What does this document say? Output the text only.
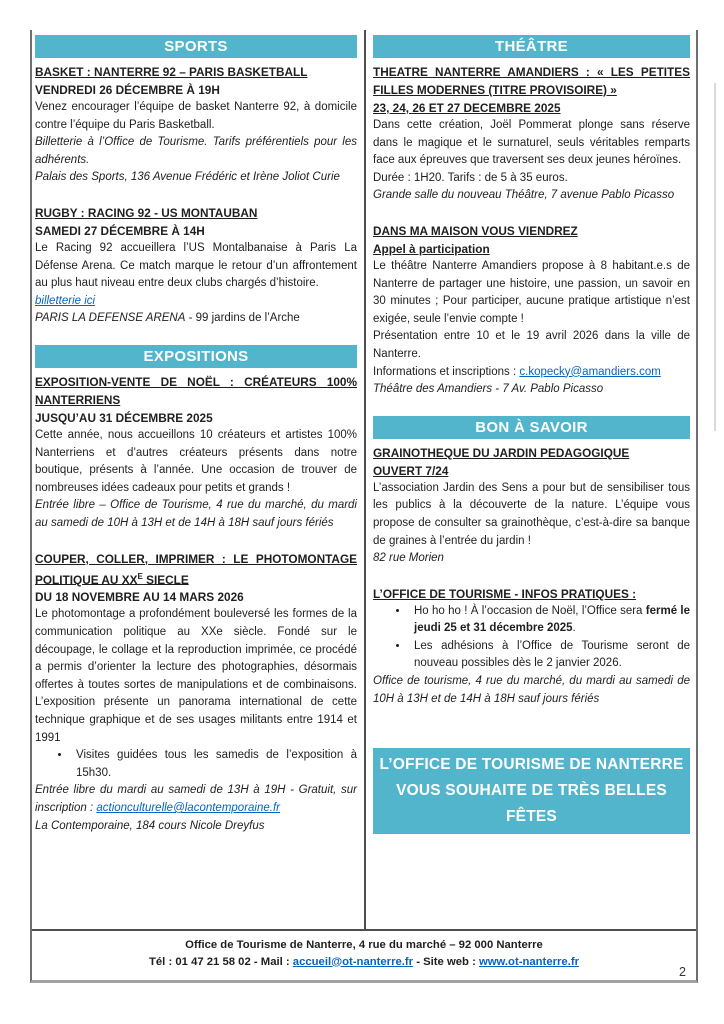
SPORTS
BASKET : NANTERRE 92 – PARIS BASKETBALL
VENDREDI 26 DÉCEMBRE À 19H

Venez encourager l’équipe de basket Nanterre 92, à domicile contre l’équipe du Paris Basketball.

Billetterie à l’Office de Tourisme. Tarifs préférentiels pour les adhérents.

Palais des Sports, 136 Avenue Frédéric et Irène Joliot Curie

RUGBY : RACING 92 - US MONTAUBAN
SAMEDI 27 DÉCEMBRE À 14H

Le Racing 92 accueillera l’US Montalbanaise à Paris La Défense Arena. Ce match marque le retour d’un affrontement au plus haut niveau entre deux clubs chargés d’histoire.

billetterie ici

PARIS LA DEFENSE ARENA - 99 jardins de l’Arche

EXPOSITIONS
EXPOSITION-VENTE DE NOËL : CRÉATEURS 100% NANTERRIENS
JUSQU’AU 31 DÉCEMBRE 2025

Cette année, nous accueillons 10 créateurs et artistes 100% Nanterriens et d’autres créateurs présents dans notre boutique, présents à l’année. Une occasion de trouver de nombreuses idées cadeaux pour petits et grands !

Entrée libre – Office de Tourisme, 4 rue du marché, du mardi au samedi de 10H à 13H et de 14H à 18H sauf jours fériés

COUPER, COLLER, IMPRIMER : LE PHOTOMONTAGE POLITIQUE AU $XX^E$ SIECLE
DU 18 NOVEMBRE AU 14 MARS 2026

Le photomontage a profondément bouleversé les formes de la communication politique au XXe siècle. Fondé sur le découpage, le collage et la reproduction imprimée, ce procédé a permis d’orienter la lecture des photographies, désormais offertes à toutes sortes de manipulations et de combinaisons. L’exposition présente un panorama international de cette technique graphique et de ses usages militants entre 1914 et 1991

• Visites guidées tous les samedis de l’exposition à 15h30.

Entrée libre du mardi au samedi de 13H à 19H - Gratuit, sur inscription : actionculturelle@lacontemporaine.fr

La Contemporaine, 184 cours Nicole Dreyfus

THÉÂTRE
THEATRE NANTERRE AMANDIERS : « LES PETITES FILLES MODERNES (TITRE PROVISOIRE) »
23, 24, 26 ET 27 DECEMBRE 2025

Dans cette création, Joël Pommerat plonge sans réserve dans le magique et le surnaturel, seuls véritables remparts face aux épreuves que traversent ses deux jeunes héroïnes.

Durée : 1H20. Tarifs : de 5 à 35 euros.

Grande salle du nouveau Théâtre, 7 avenue Pablo Picasso

DANS MA MAISON VOUS VIENDREZ
Appel à participation

Le théâtre Nanterre Amandiers propose à 8 habitant.e.s de Nanterre de partager une histoire, une passion, un savoir en 30 minutes ; Pour participer, aucune pratique artistique n’est exigée, seule l’envie compte !

Présentation entre 10 et le 19 avril 2026 dans la ville de Nanterre.

Informations et inscriptions : c.kopecky@amandiers.com

Théâtre des Amandiers - 7 Av. Pablo Picasso

BON À SAVOIR
GRAINOTHEQUE DU JARDIN PEDAGOGIQUE
OUVERT 7/24

L’association Jardin des Sens a pour but de sensibiliser tous les publics à la découverte de la nature. L’équipe vous propose de consulter sa grainothèque, c’est-à-dire sa banque de graines à l’entrée du jardin !

82 rue Morien

L’OFFICE DE TOURISME - INFOS PRATIQUES :
• Ho ho ho ! À l’occasion de Noël, l’Office sera fermé le jeudi 25 et 31 décembre 2025.
• Les adhésions à l’Office de Tourisme seront de nouveau possibles dès le 2 janvier 2026.

Office de tourisme, 4 rue du marché, du mardi au samedi de 10H à 13H et de 14H à 18H sauf jours fériés

L’OFFICE DE TOURISME DE NANTERRE
VOUS SOUHAITE DE TRÈS BELLES FÊTES

Office de Tourisme de Nanterre, 4 rue du marché – 92 000 Nanterre

Tél : 01 47 21 58 02 - Mail : accueil@ot-nanterre.fr - Site web : www.ot-nanterre.fr

2
